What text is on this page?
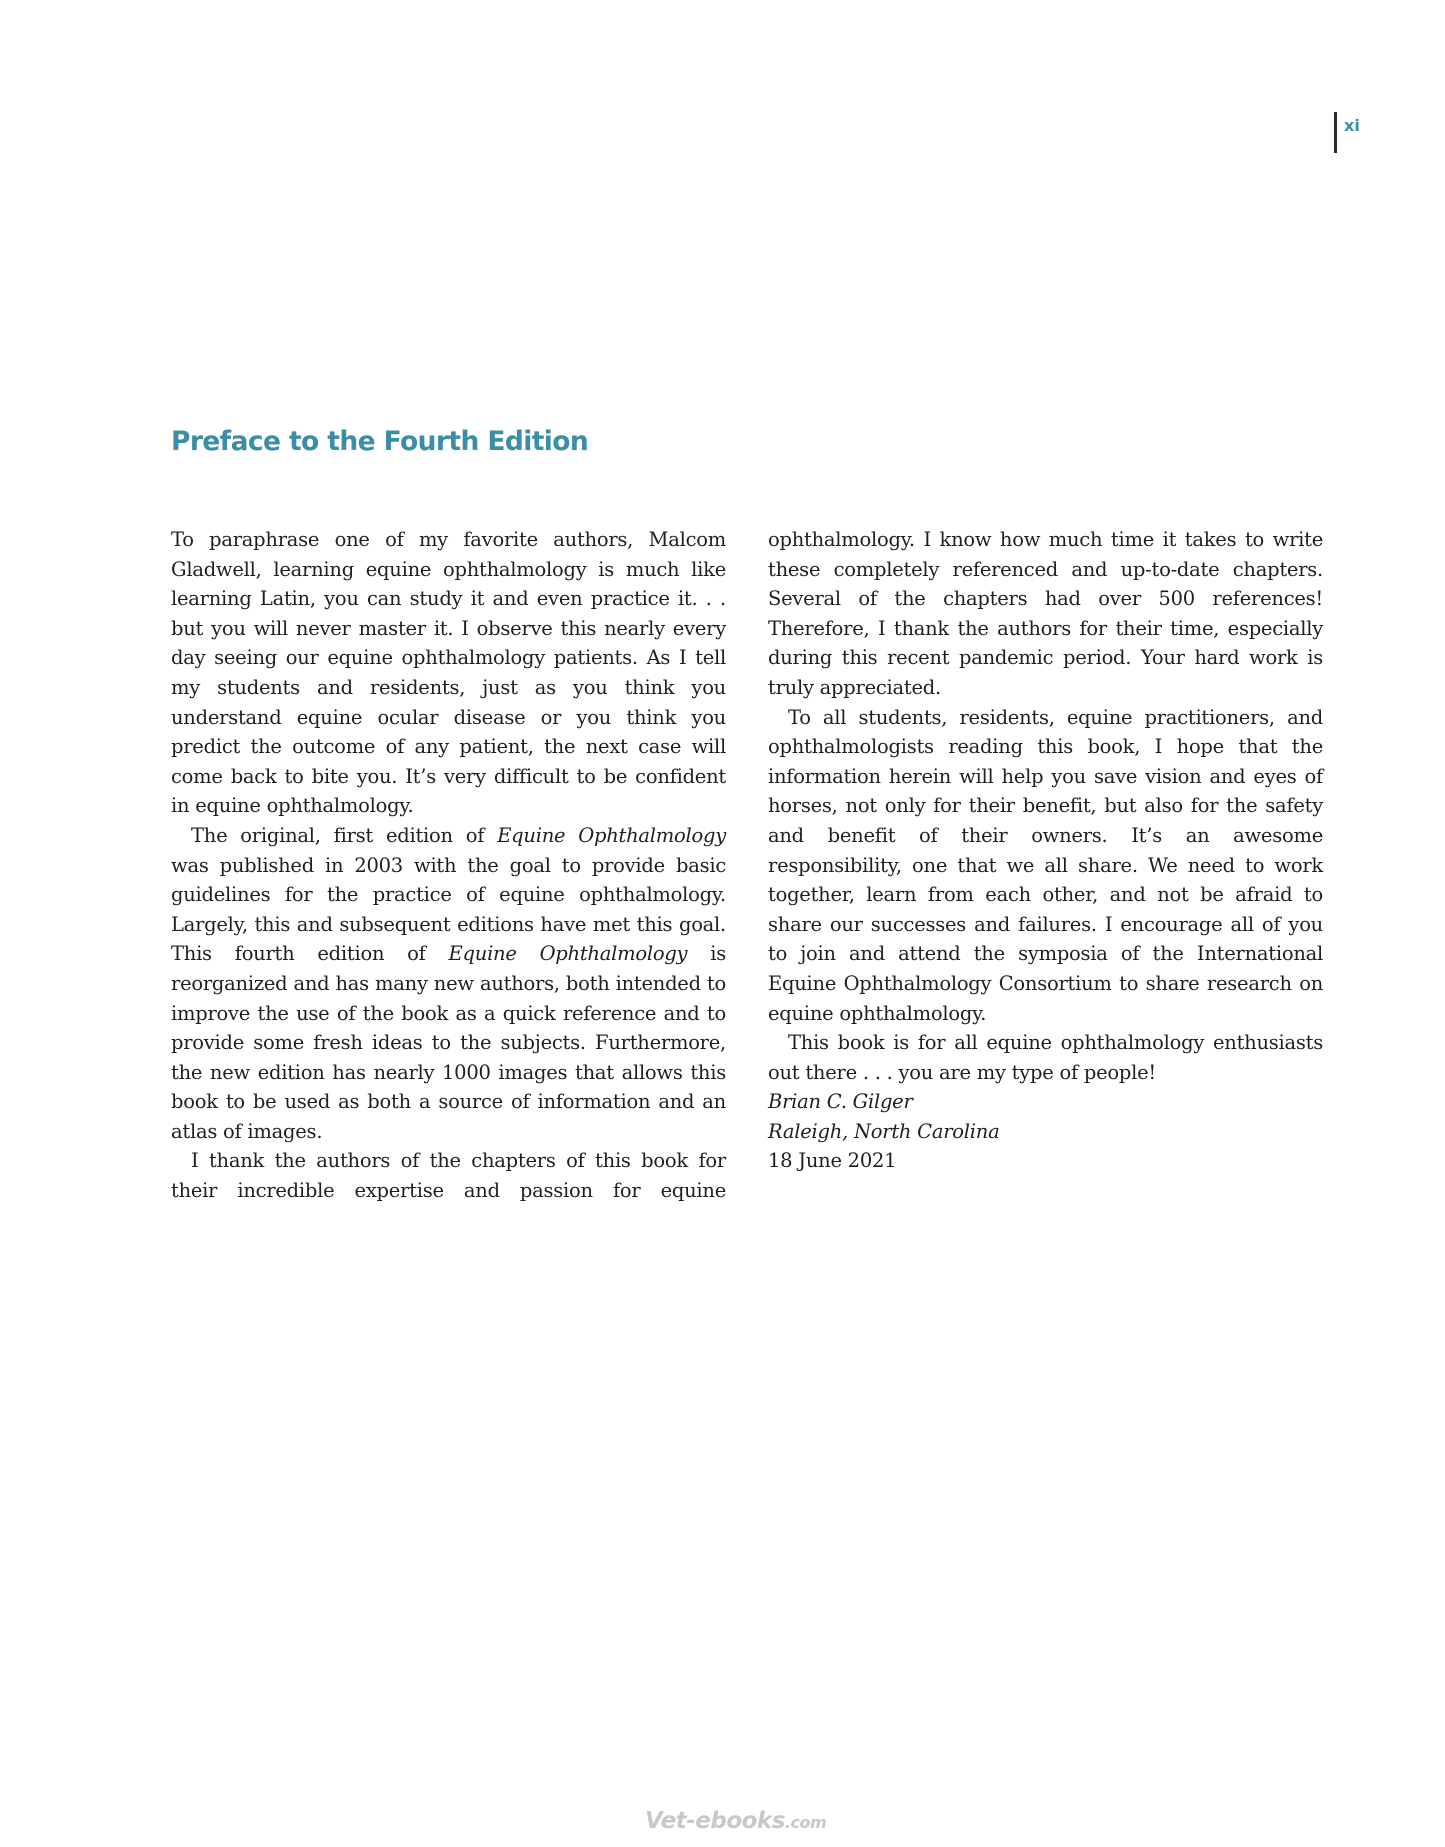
xi
Preface to the Fourth Edition

To paraphrase one of my favorite authors, Malcom Gladwell, learning equine ophthalmology is much like learning Latin, you can study it and even practice it. . . but you will never master it. I observe this nearly every day seeing our equine ophthalmology patients. As I tell my students and residents, just as you think you understand equine ocular disease or you think you predict the outcome of any patient, the next case will come back to bite you. It’s very difficult to be confident in equine ophthalmology.

The original, first edition of Equine Ophthalmology was published in 2003 with the goal to provide basic guidelines for the practice of equine ophthalmology. Largely, this and subsequent editions have met this goal. This fourth edition of Equine Ophthalmology is reorganized and has many new authors, both intended to improve the use of the book as a quick reference and to provide some fresh ideas to the subjects. Furthermore, the new edition has nearly 1000 images that allows this book to be used as both a source of information and an atlas of images.

I thank the authors of the chapters of this book for their incredible expertise and passion for equine

ophthalmology. I know how much time it takes to write these completely referenced and up-to-date chapters. Several of the chapters had over 500 references! Therefore, I thank the authors for their time, especially during this recent pandemic period. Your hard work is truly appreciated.

To all students, residents, equine practitioners, and ophthalmologists reading this book, I hope that the information herein will help you save vision and eyes of horses, not only for their benefit, but also for the safety and benefit of their owners. It’s an awesome responsibility, one that we all share. We need to work together, learn from each other, and not be afraid to share our successes and failures. I encourage all of you to join and attend the symposia of the International Equine Ophthalmology Consortium to share research on equine ophthalmology.

This book is for all equine ophthalmology enthusiasts out there . . . you are my type of people!

Brian C. Gilger

Raleigh, North Carolina

18 June 2021

Vet-ebooks.com
